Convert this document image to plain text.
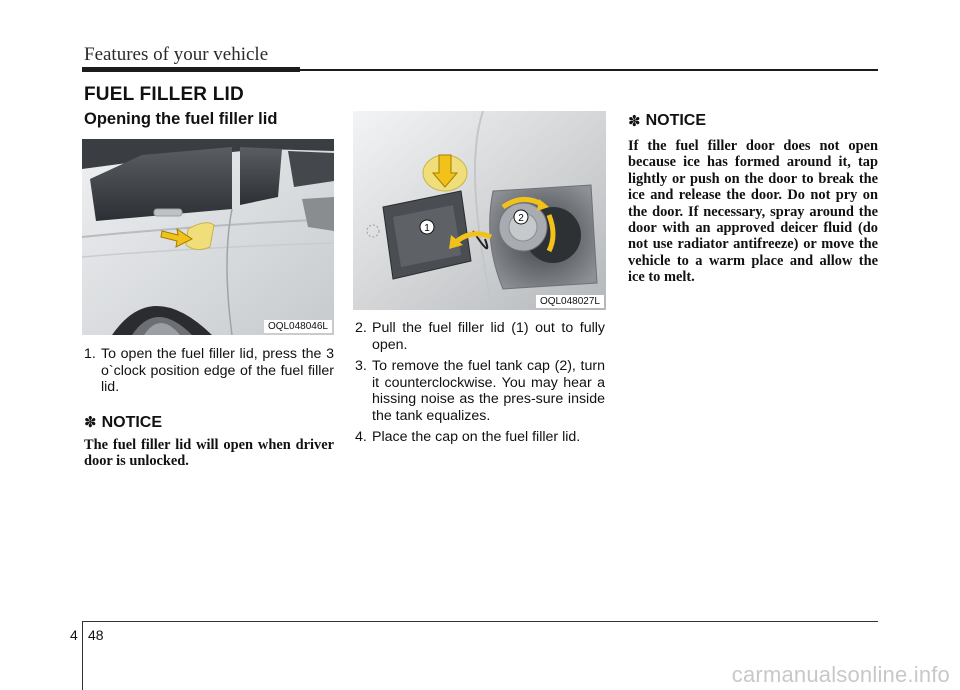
Features of your vehicle
FUEL FILLER LID
Opening the fuel filler lid
OQL048046L
1. To open the fuel filler lid, press the 3 o`clock position edge of the fuel filler lid.
✽ NOTICE
The fuel filler lid will open when driver door is unlocked.
1
2
OQL048027L
2. Pull the fuel filler lid (1) out to fully open.
3. To remove the fuel tank cap (2), turn it counterclockwise. You may hear a hissing noise as the pres-sure inside the tank equalizes.
4. Place the cap on the fuel filler lid.
✽ NOTICE
If the fuel filler door does not open because ice has formed around it, tap lightly or push on the door to break the ice and release the door. Do not pry on the door. If necessary, spray around the door with an approved deicer fluid (do not use radiator antifreeze) or move the vehicle to a warm place and allow the ice to melt.
4 48
carmanualsonline.info
